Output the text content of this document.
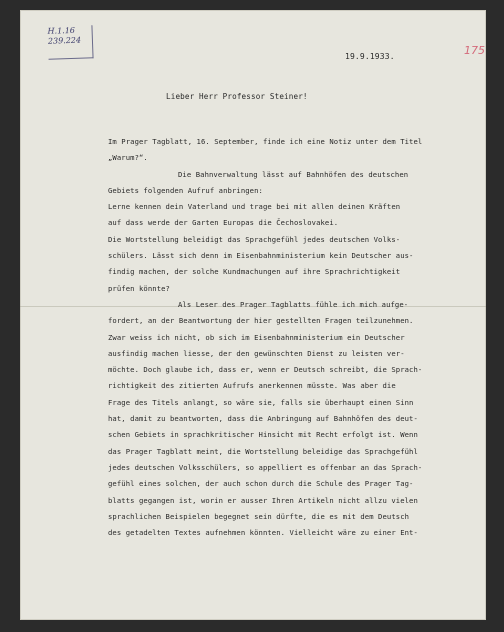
H.1.16
239.224
175
19.9.1933.
Lieber Herr Professor Steiner!
Im Prager Tagblatt, 16. September, finde ich eine Notiz unter dem Titel
„Warum?“.
Die Bahnverwaltung lässt auf Bahnhöfen des deutschen
Gebiets folgenden Aufruf anbringen:
Lerne kennen dein Vaterland und trage bei mit allen deinen Kräften
auf dass werde der Garten Europas die Čechoslovakei.
Die Wortstellung beleidigt das Sprachgefühl jedes deutschen Volks-
schülers. Lässt sich denn im Eisenbahnministerium kein Deutscher aus-
findig machen, der solche Kundmachungen auf ihre Sprachrichtigkeit
prüfen könnte?
Als Leser des Prager Tagblatts fühle ich mich aufge-
fordert, an der Beantwortung der hier gestellten Fragen teilzunehmen.
Zwar weiss ich nicht, ob sich im Eisenbahnministerium ein Deutscher
ausfindig machen liesse, der den gewünschten Dienst zu leisten ver-
möchte. Doch glaube ich, dass er, wenn er Deutsch schreibt, die Sprach-
richtigkeit des zitierten Aufrufs anerkennen müsste. Was aber die
Frage des Titels anlangt, so wäre sie, falls sie überhaupt einen Sinn
hat, damit zu beantworten, dass die Anbringung auf Bahnhöfen des deut-
schen Gebiets in sprachkritischer Hinsicht mit Recht erfolgt ist. Wenn
das Prager Tagblatt meint, die Wortstellung beleidige das Sprachgefühl
jedes deutschen Volksschülers, so appelliert es offenbar an das Sprach-
gefühl eines solchen, der auch schon durch die Schule des Prager Tag-
blatts gegangen ist, worin er ausser Ihren Artikeln nicht allzu vielen
sprachlichen Beispielen begegnet sein dürfte, die es mit dem Deutsch
des getadelten Textes aufnehmen könnten. Vielleicht wäre zu einer Ent-
